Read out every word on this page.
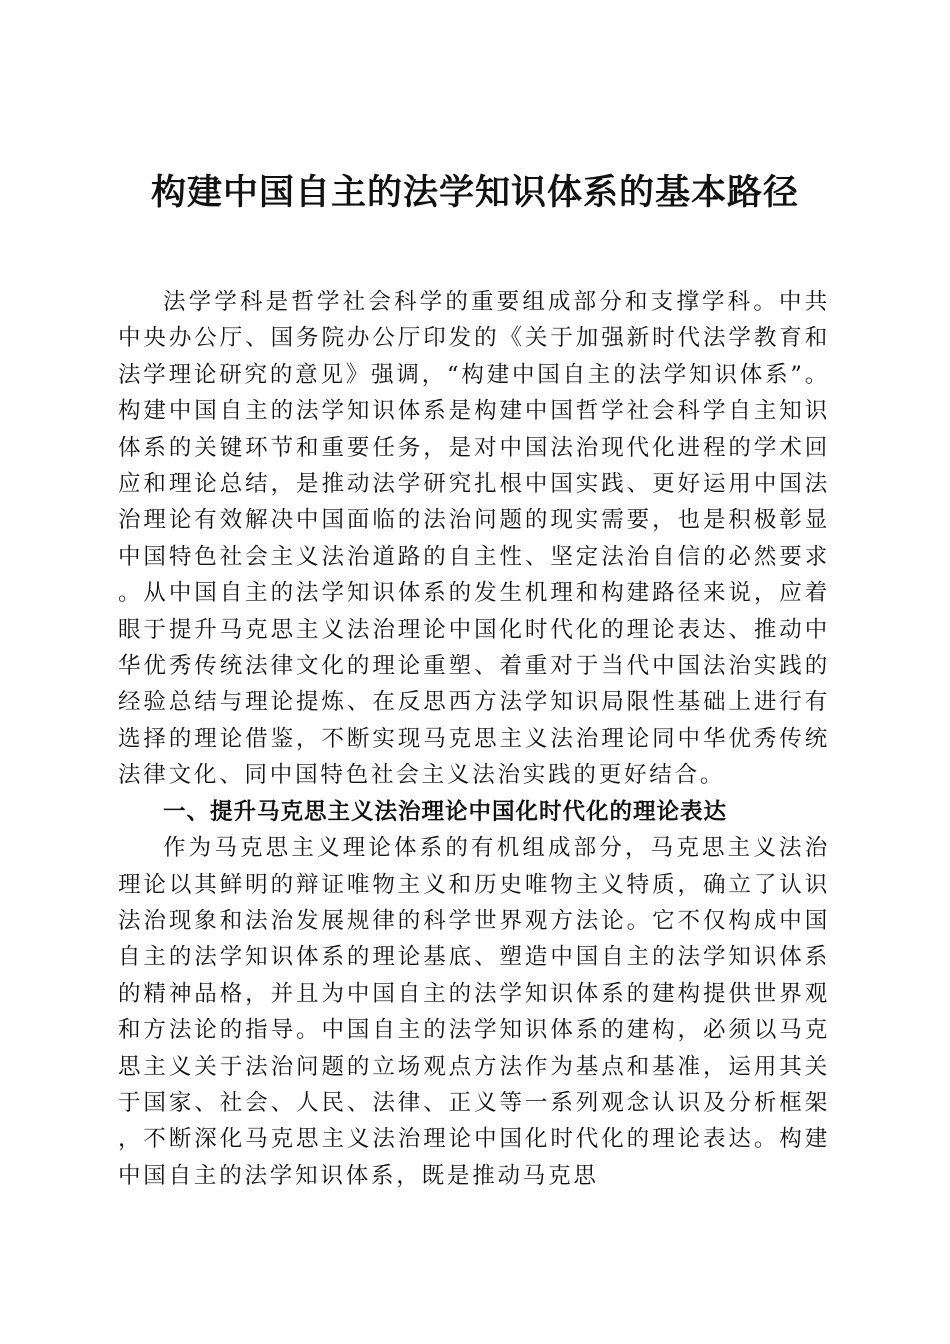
构建中国自主的法学知识体系的基本路径

法学学科是哲学社会科学的重要组成部分和支撑学科。中共中央办公厅、国务院办公厅印发的《关于加强新时代法学教育和法学理论研究的意见》强调，“构建中国自主的法学知识体系”。构建中国自主的法学知识体系是构建中国哲学社会科学自主知识体系的关键环节和重要任务，是对中国法治现代化进程的学术回应和理论总结，是推动法学研究扎根中国实践、更好运用中国法治理论有效解决中国面临的法治问题的现实需要，也是积极彰显中国特色社会主义法治道路的自主性、坚定法治自信的必然要求。从中国自主的法学知识体系的发生机理和构建路径来说，应着眼于提升马克思主义法治理论中国化时代化的理论表达、推动中华优秀传统法律文化的理论重塑、着重对于当代中国法治实践的经验总结与理论提炼、在反思西方法学知识局限性基础上进行有选择的理论借鉴，不断实现马克思主义法治理论同中华优秀传统法律文化、同中国特色社会主义法治实践的更好结合。

一、提升马克思主义法治理论中国化时代化的理论表达

作为马克思主义理论体系的有机组成部分，马克思主义法治理论以其鲜明的辩证唯物主义和历史唯物主义特质，确立了认识法治现象和法治发展规律的科学世界观方法论。它不仅构成中国自主的法学知识体系的理论基底、塑造中国自主的法学知识体系的精神品格，并且为中国自主的法学知识体系的建构提供世界观和方法论的指导。中国自主的法学知识体系的建构，必须以马克思主义关于法治问题的立场观点方法作为基点和基准，运用其关于国家、社会、人民、法律、正义等一系列观念认识及分析框架，不断深化马克思主义法治理论中国化时代化的理论表达。构建中国自主的法学知识体系，既是推动马克思
